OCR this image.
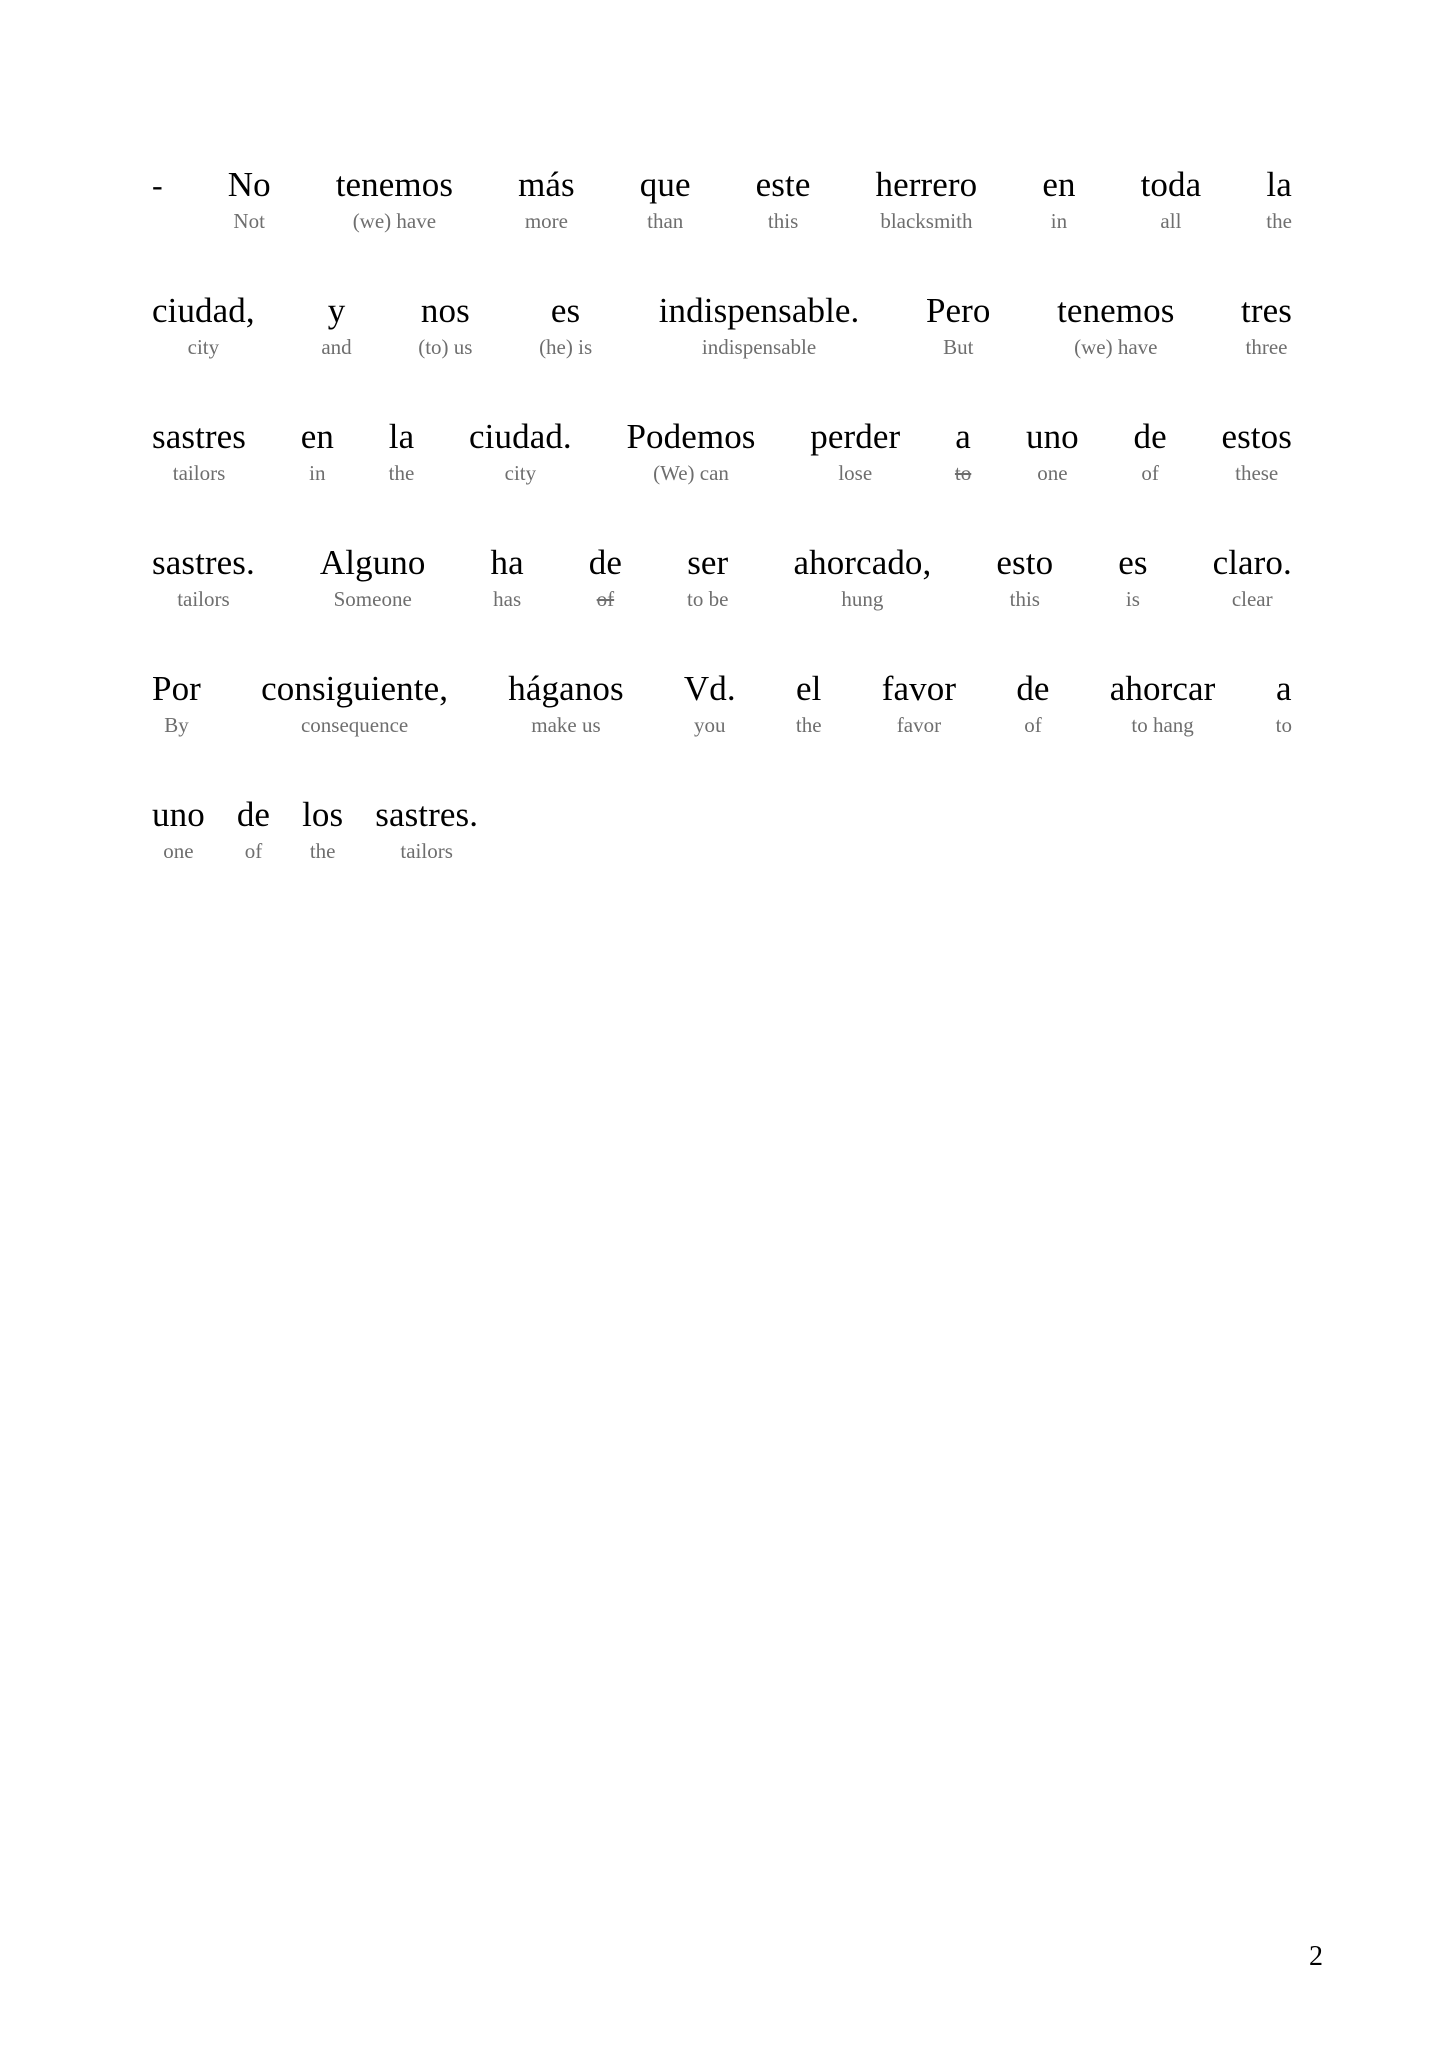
- No
Not
tenemos
(we) have
más
more
que
than
este
this
herrero
blacksmith
en
in
toda
all
la
the
ciudad,
city
y
and
nos
(to) us
es
(he) is
indispensable.
indispensable
Pero
But
tenemos
(we) have
tres
three
sastres
tailors
en
in
la
the
ciudad.
city
Podemos
(We) can
perder
lose
a
to
uno
one
de
of
estos
these
sastres.
tailors
Alguno
Someone
ha
has
de
of
ser
to be
ahorcado,
hung
esto
this
es
is
claro.
clear
Por
By
consiguiente,
consequence
háganos
make us
Vd.
you
el
the
favor
favor
de
of
ahorcar
to hang
a
to
uno
one
de
of
los
the
sastres.
tailors
2
